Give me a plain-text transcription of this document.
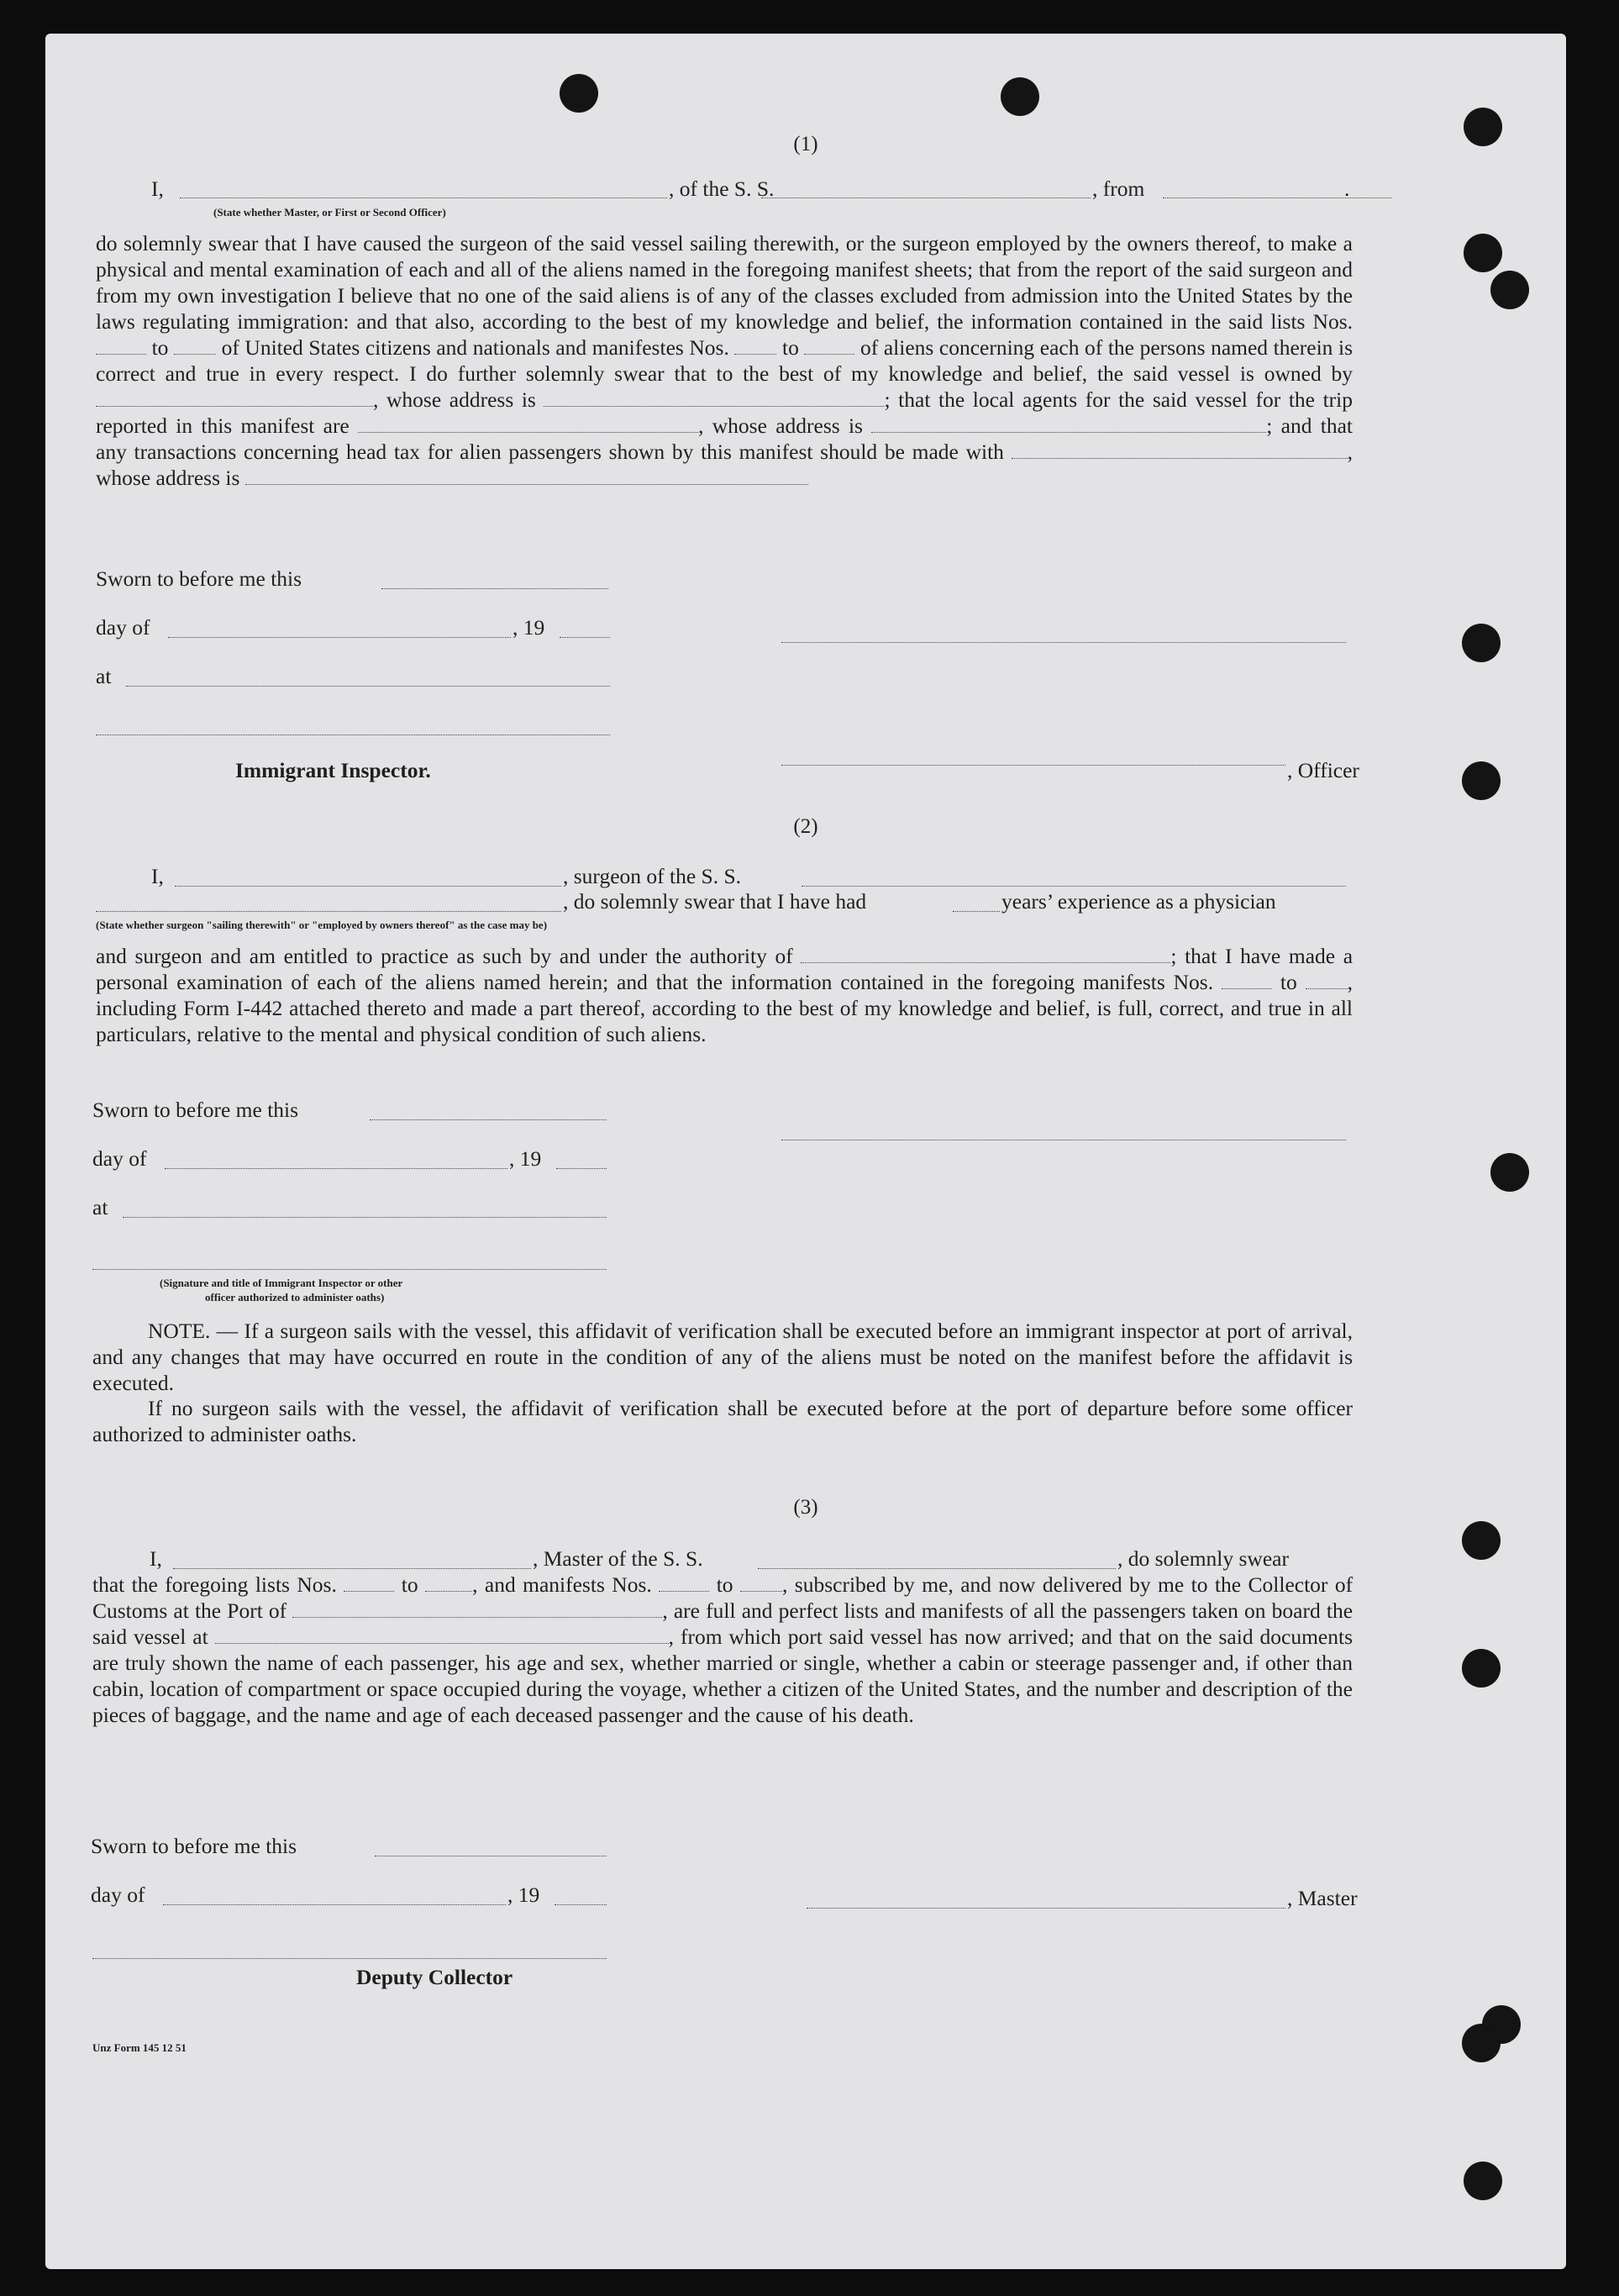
(1)
I,	, of the S. S.	, from	.
(State whether Master, or First or Second Officer)

do solemnly swear that I have caused the surgeon of the said vessel sailing therewith, or the surgeon employed by the owners thereof, to make a physical and mental examination of each and all of the aliens named in the foregoing manifest sheets; that from the report of the said surgeon and from my own investigation I believe that no one of the said aliens is of any of the classes excluded from admission into the United States by the laws regulating immigration: and that also, according to the best of my knowledge and belief, the information contained in the said lists Nos.  to of United States citizens and nationals and manifestes Nos. to	of aliens concerning each of the persons named therein is correct and true in every respect. I do further solemnly swear that to the best of my knowledge and belief, the said vessel is owned by , whose address is	; that the local agents for the said vessel for the trip reported in this manifest are	, whose address is	; and that any transactions concerning head tax for alien passengers shown by this manifest should be made with	, whose address is

Sworn to before me this
day of	, 19
at
Immigrant Inspector.	, Officer
(2)
I,	, surgeon of the S. S.
, do solemnly swear that I have had	years’ experience as a physician
(State whether surgeon "sailing therewith" or "employed by owners thereof" as the case may be)

and surgeon and am entitled to practice as such by and under the authority of	; that I have made a personal examination of each of the aliens named herein; and that the information contained in the foregoing manifests Nos.	to , including Form I-442 attached thereto and made a part thereof, according to the best of my knowledge and belief, is full, correct, and true in all particulars, relative to the mental and physical condition of such aliens.

Sworn to before me this
day of	, 19
at
(Signature and title of Immigrant Inspector or other
officer authorized to administer oaths)

NOTE. — If a surgeon sails with the vessel, this affidavit of verification shall be executed before an immigrant inspector at port of arrival, and any changes that may have occurred en route in the condition of any of the aliens must be noted on the manifest before the affidavit is executed.

If no surgeon sails with the vessel, the affidavit of verification shall be executed before at the port of departure before some officer authorized to administer oaths.

(3)
I,	, Master of the S. S.	, do solemnly swear

that the foregoing lists Nos.	to	, and manifests Nos.	to , subscribed by me, and now delivered by me to the Collector of Customs at the Port of	, are full and perfect lists and manifests of all the passengers taken on board the said vessel at	, from which port said vessel has now arrived; and that on the said documents are truly shown the name of each passenger, his age and sex, whether married or single, whether a cabin or steerage passenger and, if other than cabin, location of compartment or space occupied during the voyage, whether a citizen of the United States, and the number and description of the pieces of baggage, and the name and age of each deceased passenger and the cause of his death.

Sworn to before me this
day of	, 19	, Master
Deputy Collector
Unz Form 145 12 51
